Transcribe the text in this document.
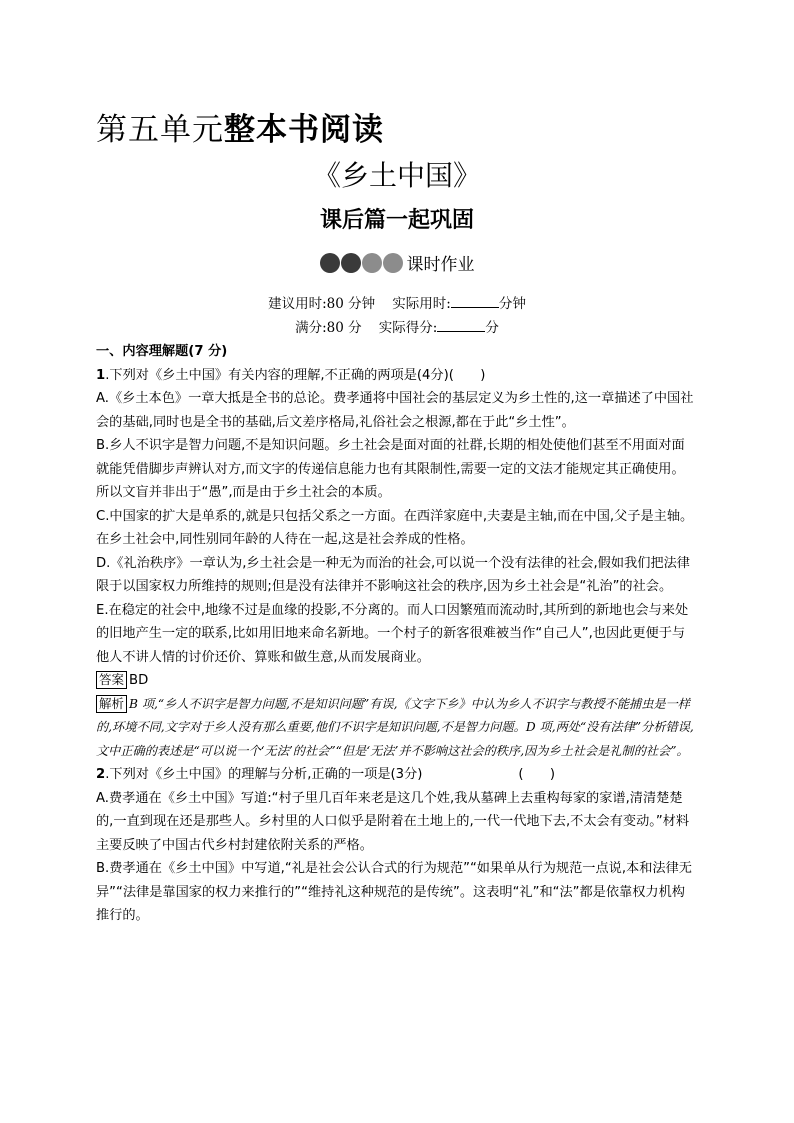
第五单元整本书阅读
《乡土中国》
课后篇一起巩固
课时作业
建议用时:80 分钟    实际用时:	分钟
满分:80 分    实际得分:	分

一、内容理解题(7 分)

1.下列对《乡土中国》有关内容的理解,不正确的两项是(4分)(　　)

A.《乡土本色》一章大抵是全书的总论。费孝通将中国社会的基层定义为乡土性的,这一章描述了中国社会的基础,同时也是全书的基础,后文差序格局,礼俗社会之根源,都在于此“乡土性”。

B.乡人不识字是智力问题,不是知识问题。乡土社会是面对面的社群,长期的相处使他们甚至不用面对面就能凭借脚步声辨认对方,而文字的传递信息能力也有其限制性,需要一定的文法才能规定其正确使用。所以文盲并非出于“愚”,而是由于乡土社会的本质。

C.中国家的扩大是单系的,就是只包括父系之一方面。在西洋家庭中,夫妻是主轴,而在中国,父子是主轴。在乡土社会中,同性别同年龄的人待在一起,这是社会养成的性格。

D.《礼治秩序》一章认为,乡土社会是一种无为而治的社会,可以说一个没有法律的社会,假如我们把法律限于以国家权力所维持的规则;但是没有法律并不影响这社会的秩序,因为乡土社会是“礼治”的社会。

E.在稳定的社会中,地缘不过是血缘的投影,不分离的。而人口因繁殖而流动时,其所到的新地也会与来处的旧地产生一定的联系,比如用旧地来命名新地。一个村子的新客很难被当作“自己人”,也因此更便于与他人不讲人情的讨价还价、算账和做生意,从而发展商业。

答案 BD

解析 B 项,“乡人不识字是智力问题,不是知识问题”有误,《文字下乡》中认为乡人不识字与教授不能捕虫是一样的,环境不同,文字对于乡人没有那么重要,他们不识字是知识问题,不是智力问题。D 项,两处“没有法律”分析错误,文中正确的表述是“可以说一个‘无法’的社会”“但是‘无法’并不影响这社会的秩序,因为乡土社会是礼制的社会”。

2.下列对《乡土中国》的理解与分析,正确的一项是(3分)	(　　)

A.费孝通在《乡土中国》写道:“村子里几百年来老是这几个姓,我从墓碑上去重构每家的家谱,清清楚楚的,一直到现在还是那些人。乡村里的人口似乎是附着在土地上的,一代一代地下去,不太会有变动。”材料主要反映了中国古代乡村封建依附关系的严格。

B.费孝通在《乡土中国》中写道,“礼是社会公认合式的行为规范”“如果单从行为规范一点说,本和法律无异”“法律是靠国家的权力来推行的”“维持礼这种规范的是传统”。这表明“礼”和“法”都是依靠权力机构推行的。
